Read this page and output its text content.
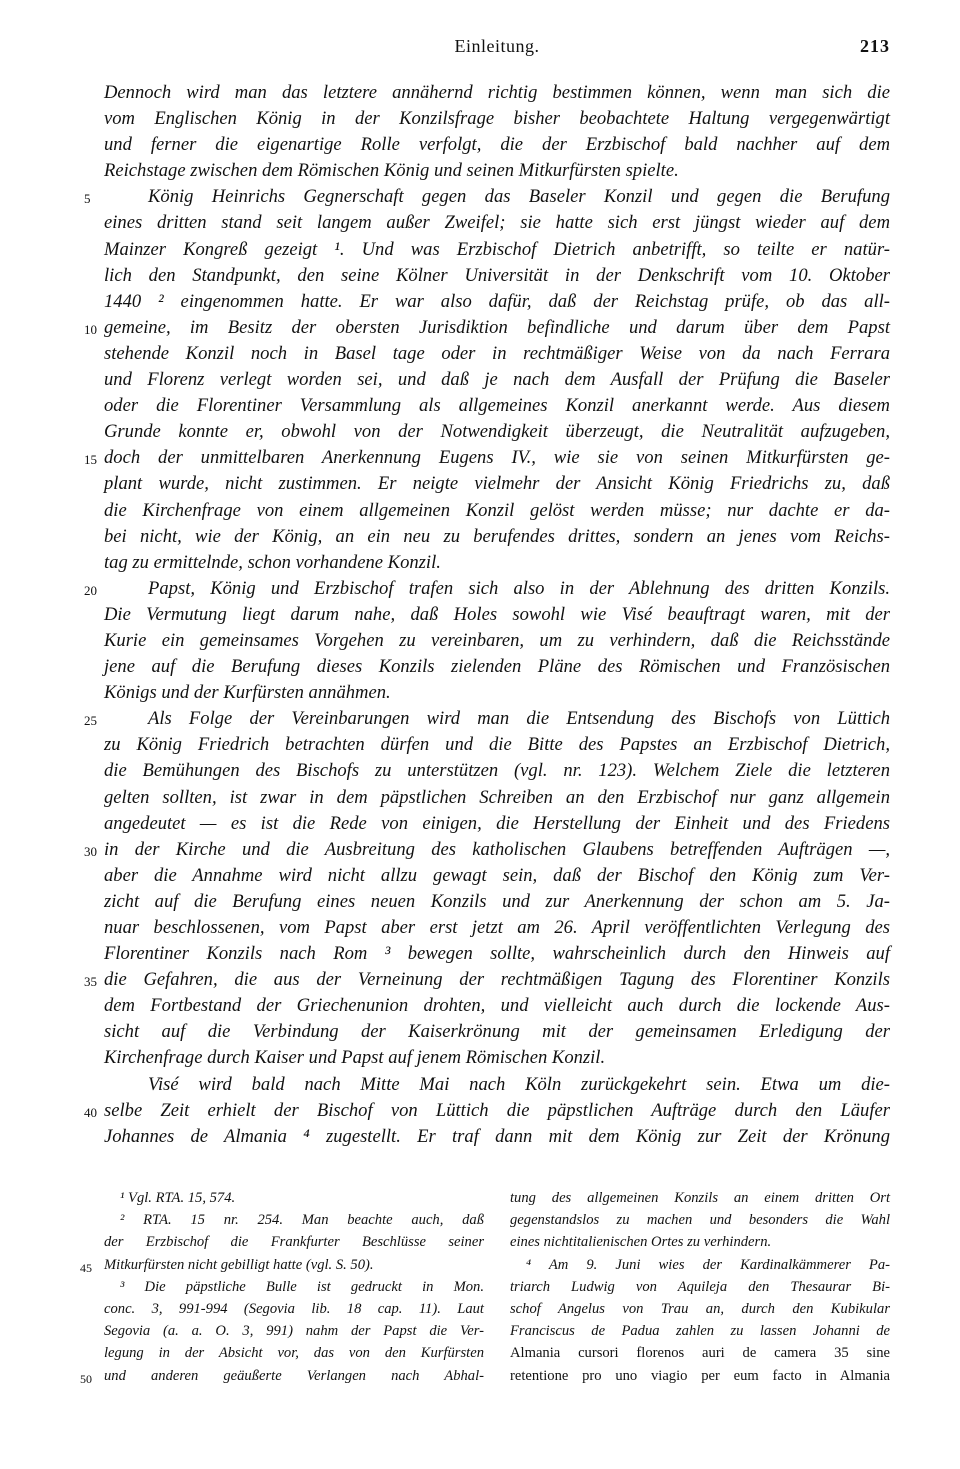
Einleitung.	213
Dennoch wird man das letztere annähernd richtig bestimmen können, wenn man sich die
vom Englischen König in der Konzilsfrage bisher beobachtete Haltung vergegenwärtigt
und ferner die eigenartige Rolle verfolgt, die der Erzbischof bald nachher auf dem
Reichstage zwischen dem Römischen König und seinen Mitkurfürsten spielte.
5	König Heinrichs Gegnerschaft gegen das Baseler Konzil und gegen die Berufung
eines dritten stand seit langem außer Zweifel; sie hatte sich erst jüngst wieder auf dem
Mainzer Kongreß gezeigt ¹. Und was Erzbischof Dietrich anbetrifft, so teilte er natür-
lich den Standpunkt, den seine Kölner Universität in der Denkschrift vom 10. Oktober
1440 ² eingenommen hatte. Er war also dafür, daß der Reichstag prüfe, ob das all-
10 gemeine, im Besitz der obersten Jurisdiktion befindliche und darum über dem Papst
stehende Konzil noch in Basel tage oder in rechtmäßiger Weise von da nach Ferrara
und Florenz verlegt worden sei, und daß je nach dem Ausfall der Prüfung die Baseler
oder die Florentiner Versammlung als allgemeines Konzil anerkannt werde. Aus diesem
Grunde konnte er, obwohl von der Notwendigkeit überzeugt, die Neutralität aufzugeben,
15 doch der unmittelbaren Anerkennung Eugens IV., wie sie von seinen Mitkurfürsten ge-
plant wurde, nicht zustimmen. Er neigte vielmehr der Ansicht König Friedrichs zu, daß
die Kirchenfrage von einem allgemeinen Konzil gelöst werden müsse; nur dachte er da-
bei nicht, wie der König, an ein neu zu berufendes drittes, sondern an jenes vom Reichs-
tag zu ermittelnde, schon vorhandene Konzil.
20	Papst, König und Erzbischof trafen sich also in der Ablehnung des dritten Konzils.
Die Vermutung liegt darum nahe, daß Holes sowohl wie Visé beauftragt waren, mit der
Kurie ein gemeinsames Vorgehen zu vereinbaren, um zu verhindern, daß die Reichsstände
jene auf die Berufung dieses Konzils zielenden Pläne des Römischen und Französischen
Königs und der Kurfürsten annähmen.
25	Als Folge der Vereinbarungen wird man die Entsendung des Bischofs von Lüttich
zu König Friedrich betrachten dürfen und die Bitte des Papstes an Erzbischof Dietrich,
die Bemühungen des Bischofs zu unterstützen (vgl. nr. 123). Welchem Ziele die letzteren
gelten sollten, ist zwar in dem päpstlichen Schreiben an den Erzbischof nur ganz allgemein
angedeutet — es ist die Rede von einigen, die Herstellung der Einheit und des Friedens
30 in der Kirche und die Ausbreitung des katholischen Glaubens betreffenden Aufträgen —,
aber die Annahme wird nicht allzu gewagt sein, daß der Bischof den König zum Ver-
zicht auf die Berufung eines neuen Konzils und zur Anerkennung der schon am 5. Ja-
nuar beschlossenen, vom Papst aber erst jetzt am 26. April veröffentlichten Verlegung des
Florentiner Konzils nach Rom ³ bewegen sollte, wahrscheinlich durch den Hinweis auf
35 die Gefahren, die aus der Verneinung der rechtmäßigen Tagung des Florentiner Konzils
dem Fortbestand der Griechenunion drohten, und vielleicht auch durch die lockende Aus-
sicht auf die Verbindung der Kaiserkrönung mit der gemeinsamen Erledigung der
Kirchenfrage durch Kaiser und Papst auf jenem Römischen Konzil.
Visé wird bald nach Mitte Mai nach Köln zurückgekehrt sein. Etwa um die-
40 selbe Zeit erhielt der Bischof von Lüttich die päpstlichen Aufträge durch den Läufer
Johannes de Almania ⁴ zugestellt. Er traf dann mit dem König zur Zeit der Krönung
¹ Vgl. RTA. 15, 574.
² RTA. 15 nr. 254. Man beachte auch, daß
der Erzbischof die Frankfurter Beschlüsse seiner
45 Mitkurfürsten nicht gebilligt hatte (vgl. S. 50).
³ Die päpstliche Bulle ist gedruckt in Mon.
conc. 3, 991-994 (Segovia lib. 18 cap. 11). Laut
Segovia (a. a. O. 3, 991) nahm der Papst die Ver-
legung in der Absicht vor, das von den Kurfürsten
50 und anderen geäußerte Verlangen nach Abhal-
tung des allgemeinen Konzils an einem dritten Ort
gegenstandslos zu machen und besonders die Wahl
eines nichtitalienischen Ortes zu verhindern.
⁴ Am 9. Juni wies der Kardinalkämmerer Pa-
triarch Ludwig von Aquileja den Thesaurar Bi-
schof Angelus von Trau an, durch den Kubikular
Franciscus de Padua zahlen zu lassen Johanni de
Almania cursori florenos auri de camera 35 sine
retentione pro uno viagio per eum facto in Almania
